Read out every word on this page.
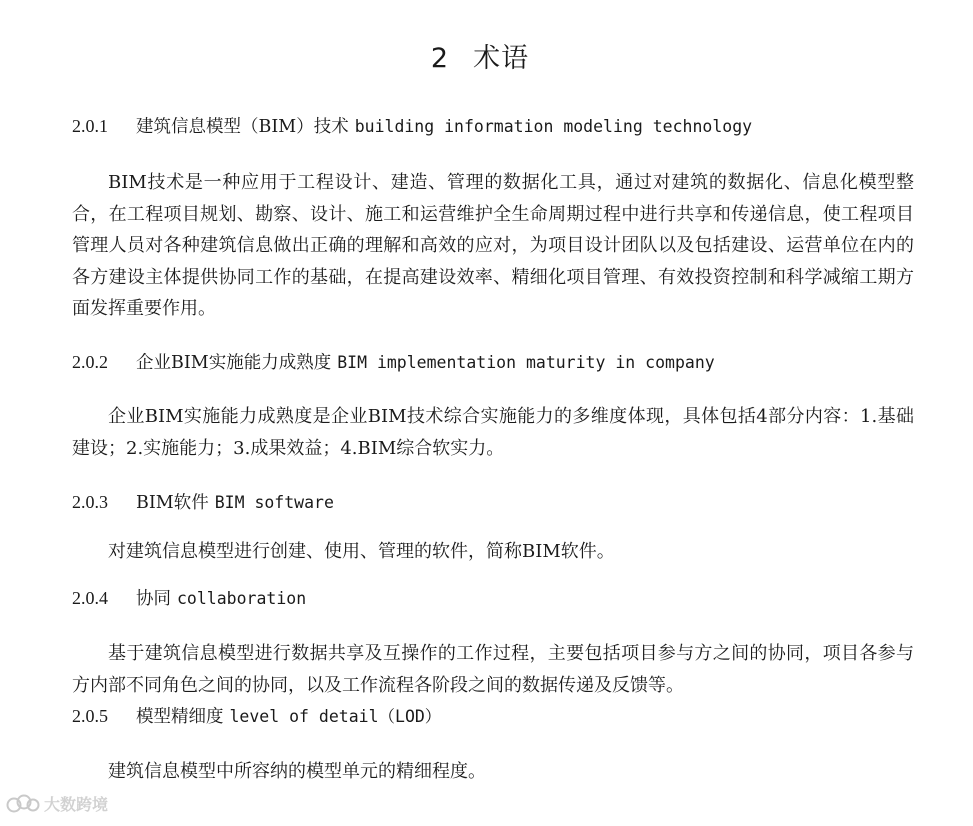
2 术语
2.0.1 建筑信息模型（BIM）技术 building information modeling technology

BIM技术是一种应用于工程设计、建造、管理的数据化工具，通过对建筑的数据化、信息化模型整合，在工程项目规划、勘察、设计、施工和运营维护全生命周期过程中进行共享和传递信息，使工程项目管理人员对各种建筑信息做出正确的理解和高效的应对，为项目设计团队以及包括建设、运营单位在内的各方建设主体提供协同工作的基础，在提高建设效率、精细化项目管理、有效投资控制和科学减缩工期方面发挥重要作用。

2.0.2 企业BIM实施能力成熟度 BIM implementation maturity in company

企业BIM实施能力成熟度是企业BIM技术综合实施能力的多维度体现，具体包括4部分内容：1.基础建设；2.实施能力；3.成果效益；4.BIM综合软实力。

2.0.3 BIM软件 BIM software

对建筑信息模型进行创建、使用、管理的软件，简称BIM软件。

2.0.4 协同 collaboration

基于建筑信息模型进行数据共享及互操作的工作过程，主要包括项目参与方之间的协同，项目各参与方内部不同角色之间的协同，以及工作流程各阶段之间的数据传递及反馈等。

2.0.5 模型精细度 level of detail（LOD）

建筑信息模型中所容纳的模型单元的精细程度。

大数跨境
